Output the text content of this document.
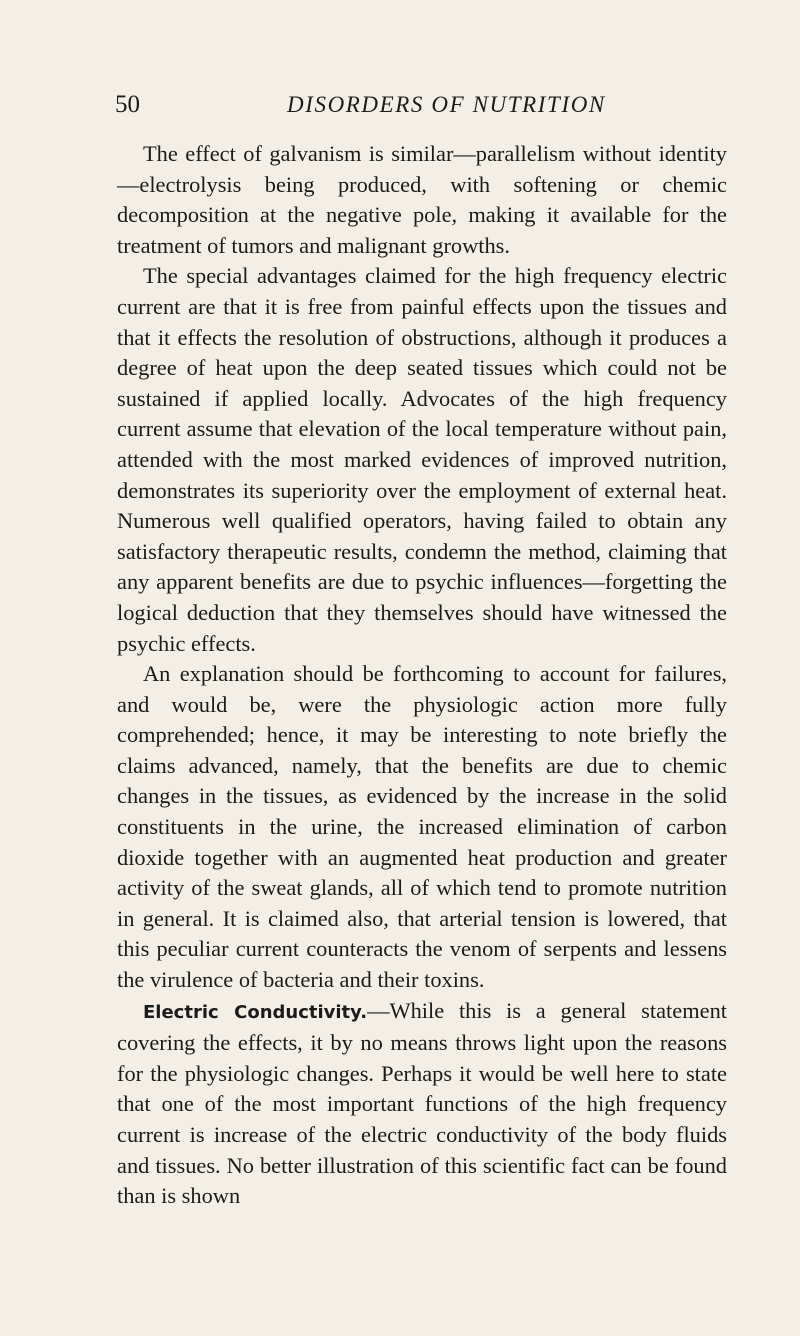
50	DISORDERS OF NUTRITION

The effect of galvanism is similar—parallelism without identity—electrolysis being produced, with softening or chemic decomposition at the negative pole, making it available for the treatment of tumors and malignant growths.

The special advantages claimed for the high frequency electric current are that it is free from painful effects upon the tissues and that it effects the resolution of obstructions, although it produces a degree of heat upon the deep seated tissues which could not be sustained if applied locally. Advocates of the high frequency current assume that elevation of the local temperature without pain, attended with the most marked evidences of improved nutrition, demonstrates its superiority over the employment of external heat. Numerous well qualified operators, having failed to obtain any satisfactory therapeutic results, condemn the method, claiming that any apparent benefits are due to psychic influences—forgetting the logical deduction that they themselves should have witnessed the psychic effects.

An explanation should be forthcoming to account for failures, and would be, were the physiologic action more fully comprehended; hence, it may be interesting to note briefly the claims advanced, namely, that the benefits are due to chemic changes in the tissues, as evidenced by the increase in the solid constituents in the urine, the increased elimination of carbon dioxide together with an augmented heat production and greater activity of the sweat glands, all of which tend to promote nutrition in general. It is claimed also, that arterial tension is lowered, that this peculiar current counteracts the venom of serpents and lessens the virulence of bacteria and their toxins.

Electric Conductivity.—While this is a general statement covering the effects, it by no means throws light upon the reasons for the physiologic changes. Perhaps it would be well here to state that one of the most important functions of the high frequency current is increase of the electric conductivity of the body fluids and tissues. No better illustration of this scientific fact can be found than is shown
